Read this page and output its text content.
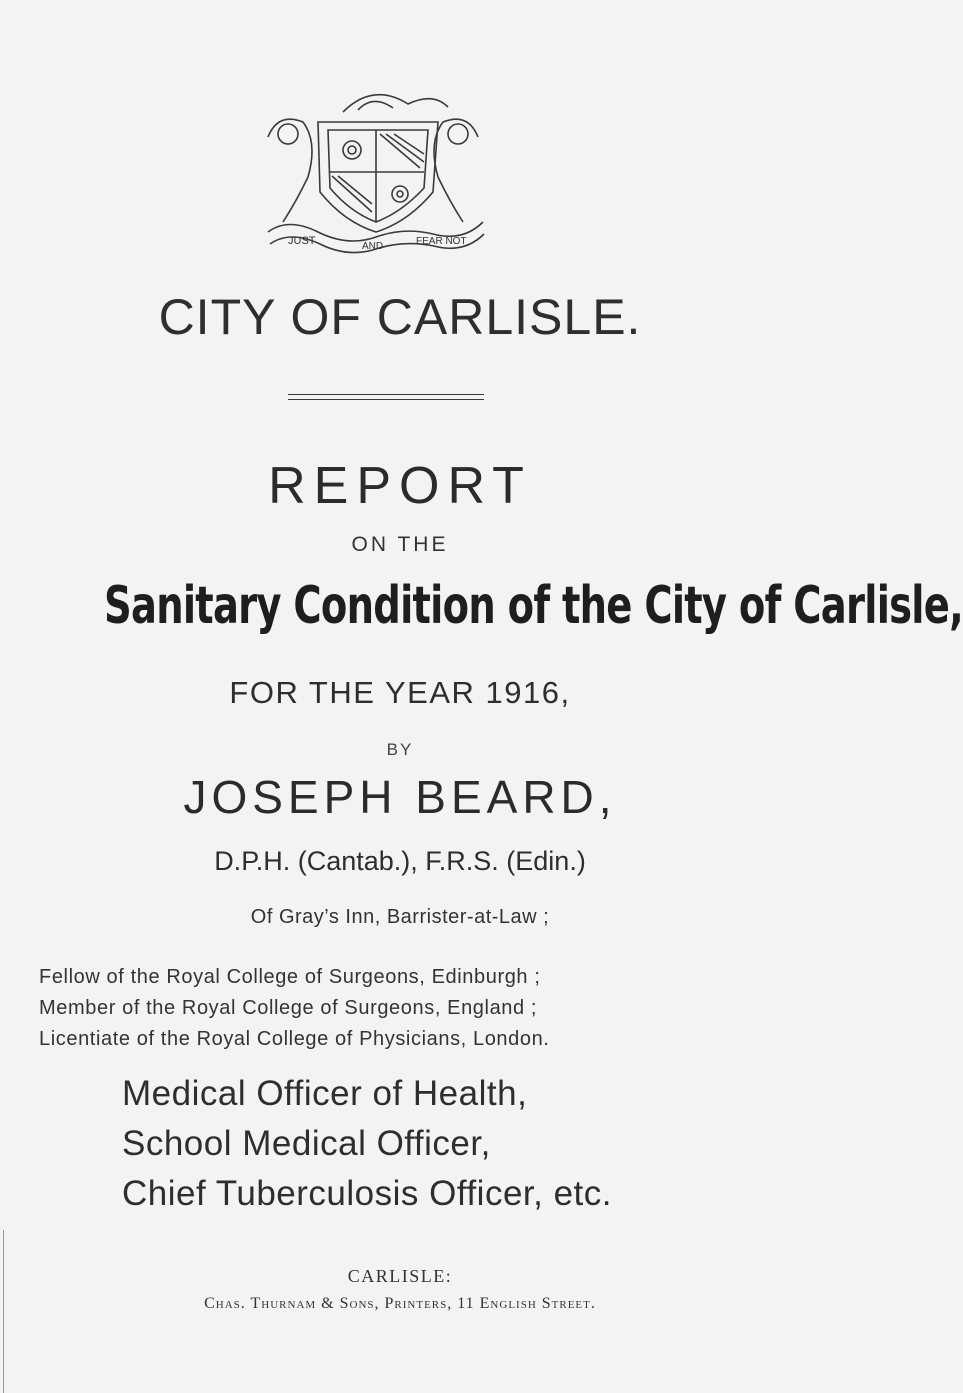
JUST	AND	FEAR NOT
CITY OF CARLISLE.
REPORT
ON THE
Sanitary Condition of the City of Carlisle,
FOR THE YEAR 1916,
BY
JOSEPH BEARD,
D.P.H. (Cantab.), F.R.S. (Edin.)
Of Gray’s Inn, Barrister-at-Law ;
Fellow of the Royal College of Surgeons, Edinburgh ;
Member of the Royal College of Surgeons, England ;
Licentiate of the Royal College of Physicians, London.
Medical Officer of Health,
School Medical Officer,
Chief Tuberculosis Officer, etc.
CARLISLE:
Chas. Thurnam & Sons, Printers, 11 English Street.
